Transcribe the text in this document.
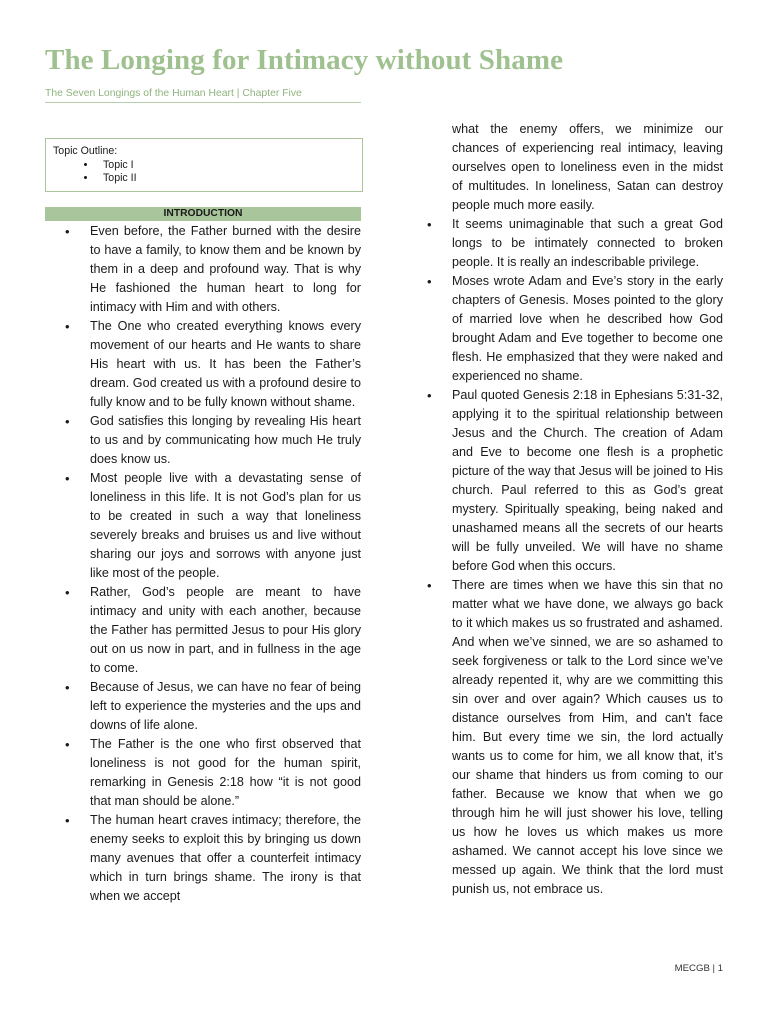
The Longing for Intimacy without Shame
The Seven Longings of the Human Heart | Chapter Five
Topic Outline:
• Topic I
• Topic II
INTRODUCTION
• Even before, the Father burned with the desire to have a family, to know them and be known by them in a deep and profound way. That is why He fashioned the human heart to long for intimacy with Him and with others.
• The One who created everything knows every movement of our hearts and He wants to share His heart with us. It has been the Father’s dream. God created us with a profound desire to fully know and to be fully known without shame.
• God satisfies this longing by revealing His heart to us and by communicating how much He truly does know us.
• Most people live with a devastating sense of loneliness in this life. It is not God’s plan for us to be created in such a way that loneliness severely breaks and bruises us and live without sharing our joys and sorrows with anyone just like most of the people.
• Rather, God’s people are meant to have intimacy and unity with each another, because the Father has permitted Jesus to pour His glory out on us now in part, and in fullness in the age to come.
• Because of Jesus, we can have no fear of being left to experience the mysteries and the ups and downs of life alone.
• The Father is the one who first observed that loneliness is not good for the human spirit, remarking in Genesis 2:18 how “it is not good that man should be alone.”
• The human heart craves intimacy; therefore, the enemy seeks to exploit this by bringing us down many avenues that offer a counterfeit intimacy which in turn brings shame. The irony is that when we accept
what the enemy offers, we minimize our chances of experiencing real intimacy, leaving ourselves open to loneliness even in the midst of multitudes. In loneliness, Satan can destroy people much more easily.
• It seems unimaginable that such a great God longs to be intimately connected to broken people. It is really an indescribable privilege.
• Moses wrote Adam and Eve’s story in the early chapters of Genesis. Moses pointed to the glory of married love when he described how God brought Adam and Eve together to become one flesh. He emphasized that they were naked and experienced no shame.
• Paul quoted Genesis 2:18 in Ephesians 5:31-32, applying it to the spiritual relationship between Jesus and the Church. The creation of Adam and Eve to become one flesh is a prophetic picture of the way that Jesus will be joined to His church. Paul referred to this as God’s great mystery. Spiritually speaking, being naked and unashamed means all the secrets of our hearts will be fully unveiled. We will have no shame before God when this occurs.
• There are times when we have this sin that no matter what we have done, we always go back to it which makes us so frustrated and ashamed. And when we’ve sinned, we are so ashamed to seek forgiveness or talk to the Lord since we’ve already repented it, why are we committing this sin over and over again? Which causes us to distance ourselves from Him, and can't face him. But every time we sin, the lord actually wants us to come for him, we all know that, it’s our shame that hinders us from coming to our father. Because we know that when we go through him he will just shower his love, telling us how he loves us which makes us more ashamed. We cannot accept his love since we messed up again. We think that the lord must punish us, not embrace us.
MECGB | 1
